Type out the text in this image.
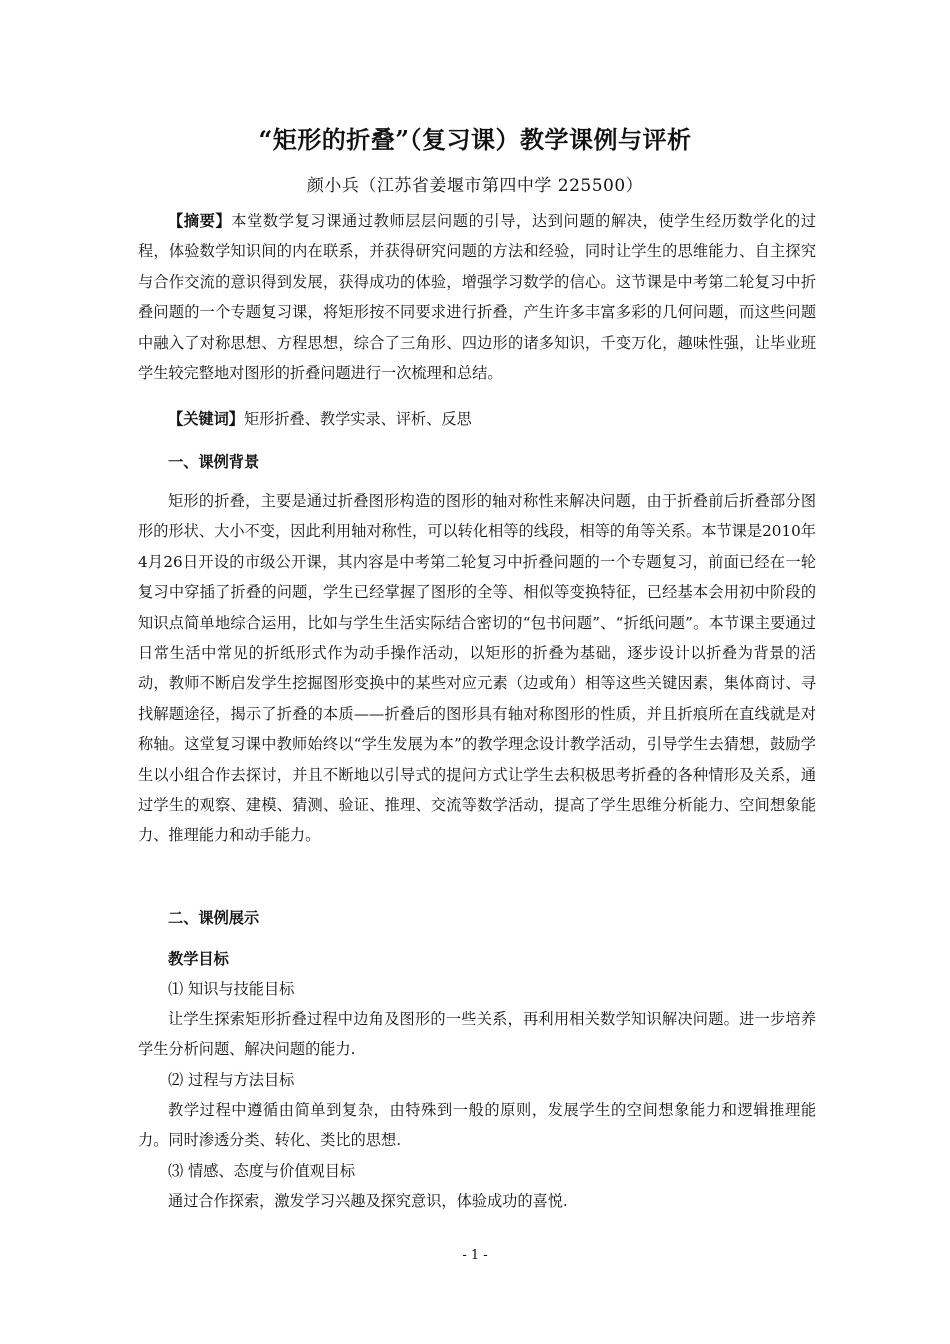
“矩形的折叠”（复习课）教学课例与评析
颜小兵（江苏省姜堰市第四中学 225500）

【摘要】本堂数学复习课通过教师层层问题的引导，达到问题的解决，使学生经历数学化的过程，体验数学知识间的内在联系，并获得研究问题的方法和经验，同时让学生的思维能力、自主探究与合作交流的意识得到发展，获得成功的体验，增强学习数学的信心。这节课是中考第二轮复习中折叠问题的一个专题复习课，将矩形按不同要求进行折叠，产生许多丰富多彩的几何问题，而这些问题中融入了对称思想、方程思想，综合了三角形、四边形的诸多知识，千变万化，趣味性强，让毕业班学生较完整地对图形的折叠问题进行一次梳理和总结。

【关键词】矩形折叠、教学实录、评析、反思

一、课例背景

矩形的折叠，主要是通过折叠图形构造的图形的轴对称性来解决问题，由于折叠前后折叠部分图形的形状、大小不变，因此利用轴对称性，可以转化相等的线段，相等的角等关系。本节课是2010年4月26日开设的市级公开课，其内容是中考第二轮复习中折叠问题的一个专题复习，前面已经在一轮复习中穿插了折叠的问题，学生已经掌握了图形的全等、相似等变换特征，已经基本会用初中阶段的知识点简单地综合运用，比如与学生生活实际结合密切的“包书问题”、“折纸问题”。本节课主要通过日常生活中常见的折纸形式作为动手操作活动，以矩形的折叠为基础，逐步设计以折叠为背景的活动，教师不断启发学生挖掘图形变换中的某些对应元素（边或角）相等这些关键因素，集体商讨、寻找解题途径，揭示了折叠的本质——折叠后的图形具有轴对称图形的性质，并且折痕所在直线就是对称轴。这堂复习课中教师始终以“学生发展为本”的教学理念设计教学活动，引导学生去猜想，鼓励学生以小组合作去探讨，并且不断地以引导式的提问方式让学生去积极思考折叠的各种情形及关系，通过学生的观察、建模、猜测、验证、推理、交流等数学活动，提高了学生思维分析能力、空间想象能力、推理能力和动手能力。

二、课例展示

教学目标

⑴ 知识与技能目标

让学生探索矩形折叠过程中边角及图形的一些关系，再利用相关数学知识解决问题。进一步培养学生分析问题、解决问题的能力.

⑵ 过程与方法目标

教学过程中遵循由简单到复杂，由特殊到一般的原则，发展学生的空间想象能力和逻辑推理能力。同时渗透分类、转化、类比的思想.

⑶ 情感、态度与价值观目标

通过合作探索，激发学习兴趣及探究意识，体验成功的喜悦.

- 1 -
